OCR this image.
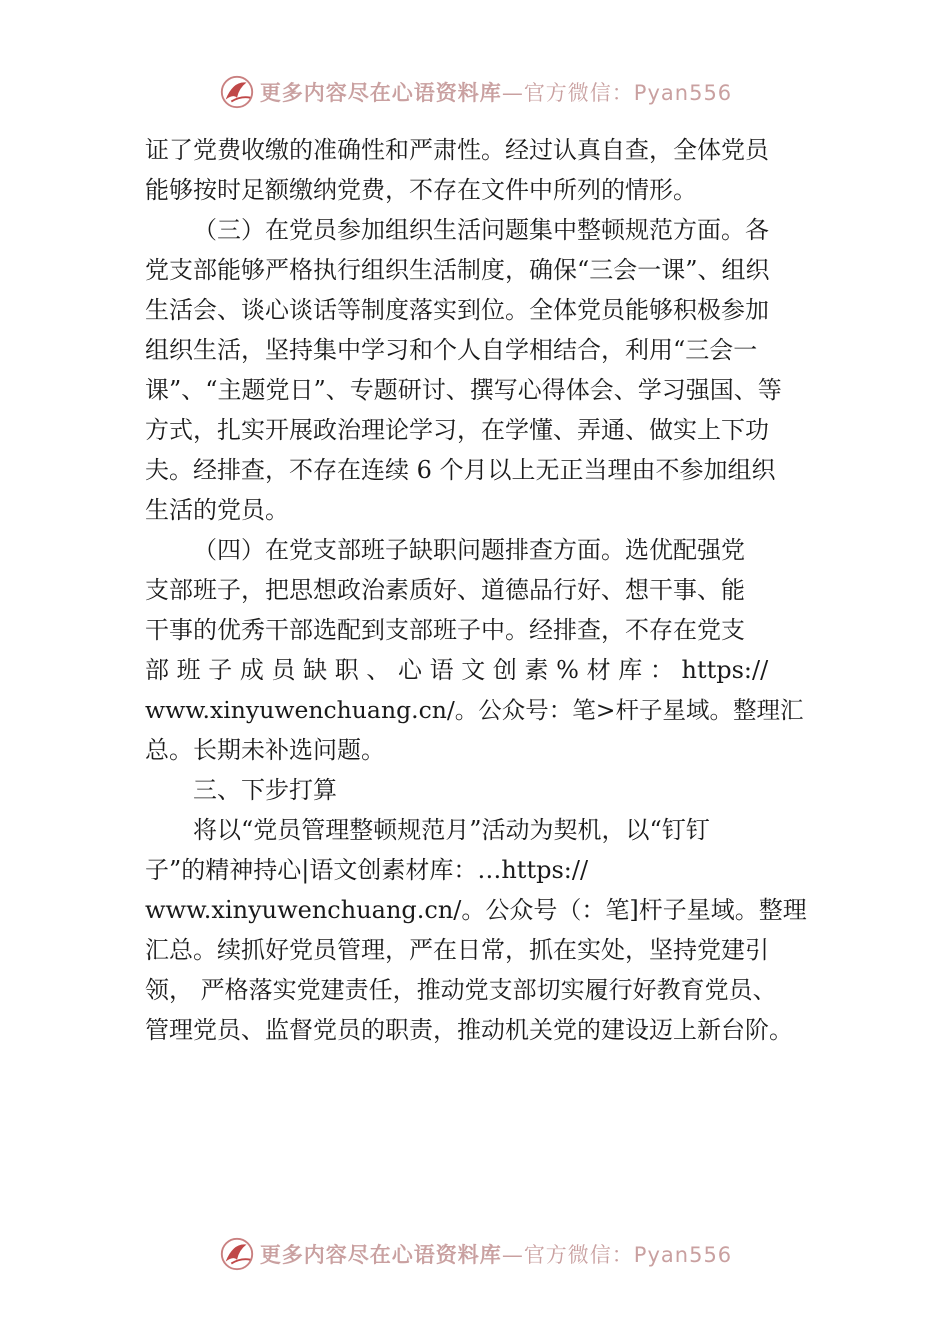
更多内容尽在心语资料库—官方微信：Pyan556
证了党费收缴的准确性和严肃性。经过认真自查，全体党员
能够按时足额缴纳党费，不存在文件中所列的情形。
（三）在党员参加组织生活问题集中整顿规范方面。各
党支部能够严格执行组织生活制度，确保“三会一课”、组织
生活会、谈心谈话等制度落实到位。全体党员能够积极参加
组织生活，坚持集中学习和个人自学相结合，利用“三会一
课”、“主题党日”、专题研讨、撰写心得体会、学习强国、等
方式，扎实开展政治理论学习，在学懂、弄通、做实上下功
夫。经排查，不存在连续 6 个月以上无正当理由不参加组织
生活的党员。
（四）在党支部班子缺职问题排查方面。选优配强党
支部班子，把思想政治素质好、道德品行好、想干事、能
干事的优秀干部选配到支部班子中。经排查，不存在党支
部 班 子 成 员 缺 职 、 心 语 文 创 素 % 材 库 ： https://
www.xinyuwenchuang.cn/。公众号：笔>杆子星域。整理汇
总。长期未补选问题。
三、下步打算
将以“党员管理整顿规范月”活动为契机，以“钉钉
子”的精神持心|语文创素材库：…https://
www.xinyuwenchuang.cn/。公众号（：笔]杆子星域。整理
汇总。续抓好党员管理，严在日常，抓在实处，坚持党建引
领， 严格落实党建责任，推动党支部切实履行好教育党员、
管理党员、监督党员的职责，推动机关党的建设迈上新台阶。
更多内容尽在心语资料库—官方微信：Pyan556
